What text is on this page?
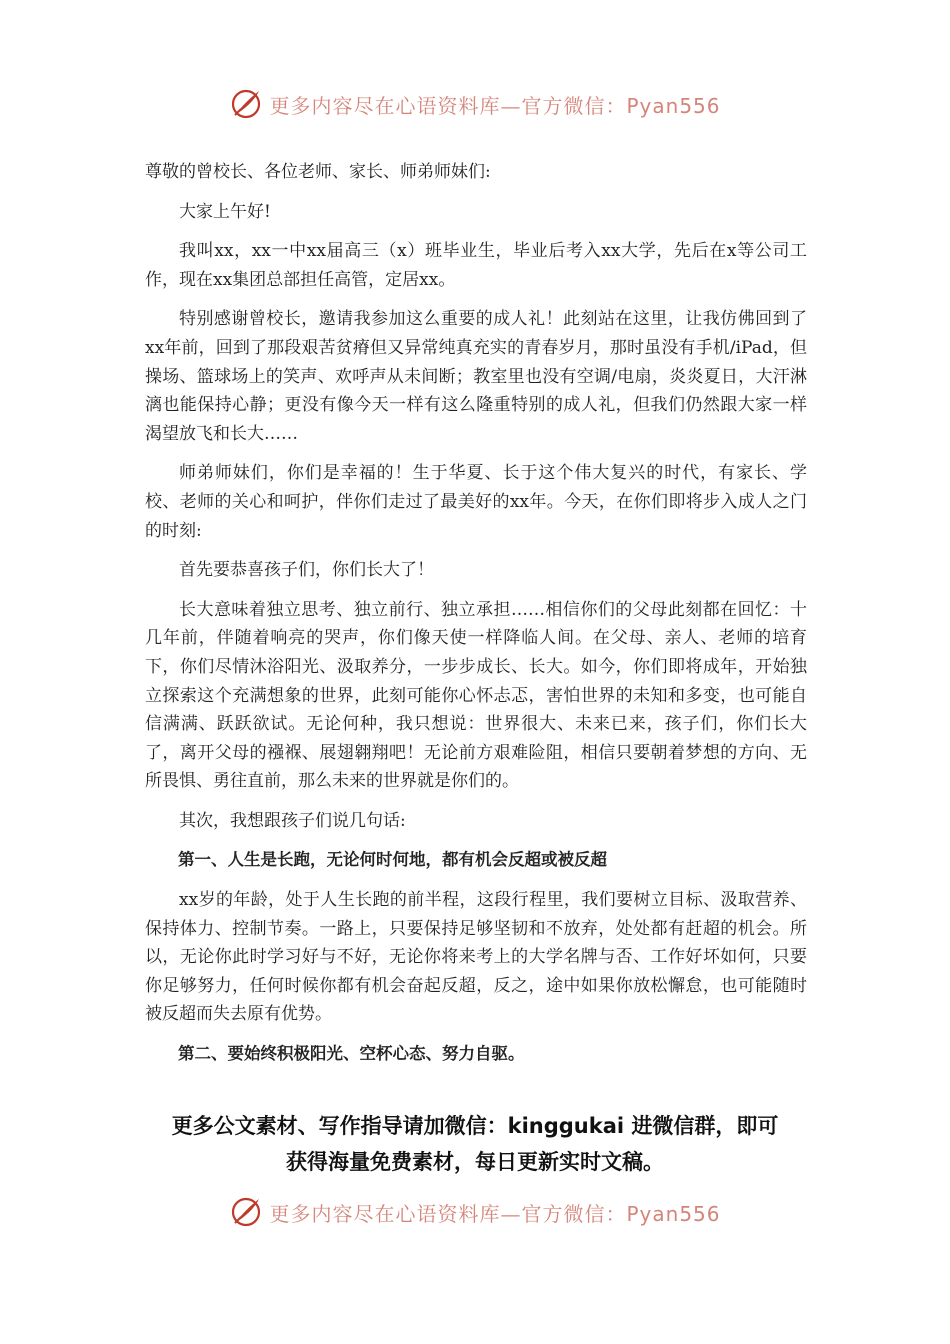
更多内容尽在心语资料库—官方微信：Pyan556

尊敬的曾校长、各位老师、家长、师弟师妹们:

大家上午好!

我叫xx，xx一中xx届高三（x）班毕业生，毕业后考入xx大学，先后在x等公司工作，现在xx集团总部担任高管，定居xx。

特别感谢曾校长，邀请我参加这么重要的成人礼！此刻站在这里，让我仿佛回到了xx年前，回到了那段艰苦贫瘠但又异常纯真充实的青春岁月，那时虽没有手机/iPad，但操场、篮球场上的笑声、欢呼声从未间断；教室里也没有空调/电扇，炎炎夏日，大汗淋漓也能保持心静；更没有像今天一样有这么隆重特别的成人礼，但我们仍然跟大家一样渴望放飞和长大……

师弟师妹们，你们是幸福的！生于华夏、长于这个伟大复兴的时代，有家长、学校、老师的关心和呵护，伴你们走过了最美好的xx年。今天，在你们即将步入成人之门的时刻:

首先要恭喜孩子们，你们长大了！

长大意味着独立思考、独立前行、独立承担……相信你们的父母此刻都在回忆：十几年前，伴随着响亮的哭声，你们像天使一样降临人间。在父母、亲人、老师的培育下，你们尽情沐浴阳光、汲取养分，一步步成长、长大。如今，你们即将成年，开始独立探索这个充满想象的世界，此刻可能你心怀忐忑，害怕世界的未知和多变，也可能自信满满、跃跃欲试。无论何种，我只想说：世界很大、未来已来，孩子们，你们长大了，离开父母的襁褓、展翅翱翔吧！无论前方艰难险阻，相信只要朝着梦想的方向、无所畏惧、勇往直前，那么未来的世界就是你们的。

其次，我想跟孩子们说几句话:

第一、人生是长跑，无论何时何地，都有机会反超或被反超

xx岁的年龄，处于人生长跑的前半程，这段行程里，我们要树立目标、汲取营养、保持体力、控制节奏。一路上，只要保持足够坚韧和不放弃，处处都有赶超的机会。所以，无论你此时学习好与不好，无论你将来考上的大学名牌与否、工作好坏如何，只要你足够努力，任何时候你都有机会奋起反超，反之，途中如果你放松懈怠，也可能随时被反超而失去原有优势。

第二、要始终积极阳光、空杯心态、努力自驱。

更多公文素材、写作指导请加微信：kinggukai 进微信群，即可
获得海量免费素材，每日更新实时文稿。
更多内容尽在心语资料库—官方微信：Pyan556
